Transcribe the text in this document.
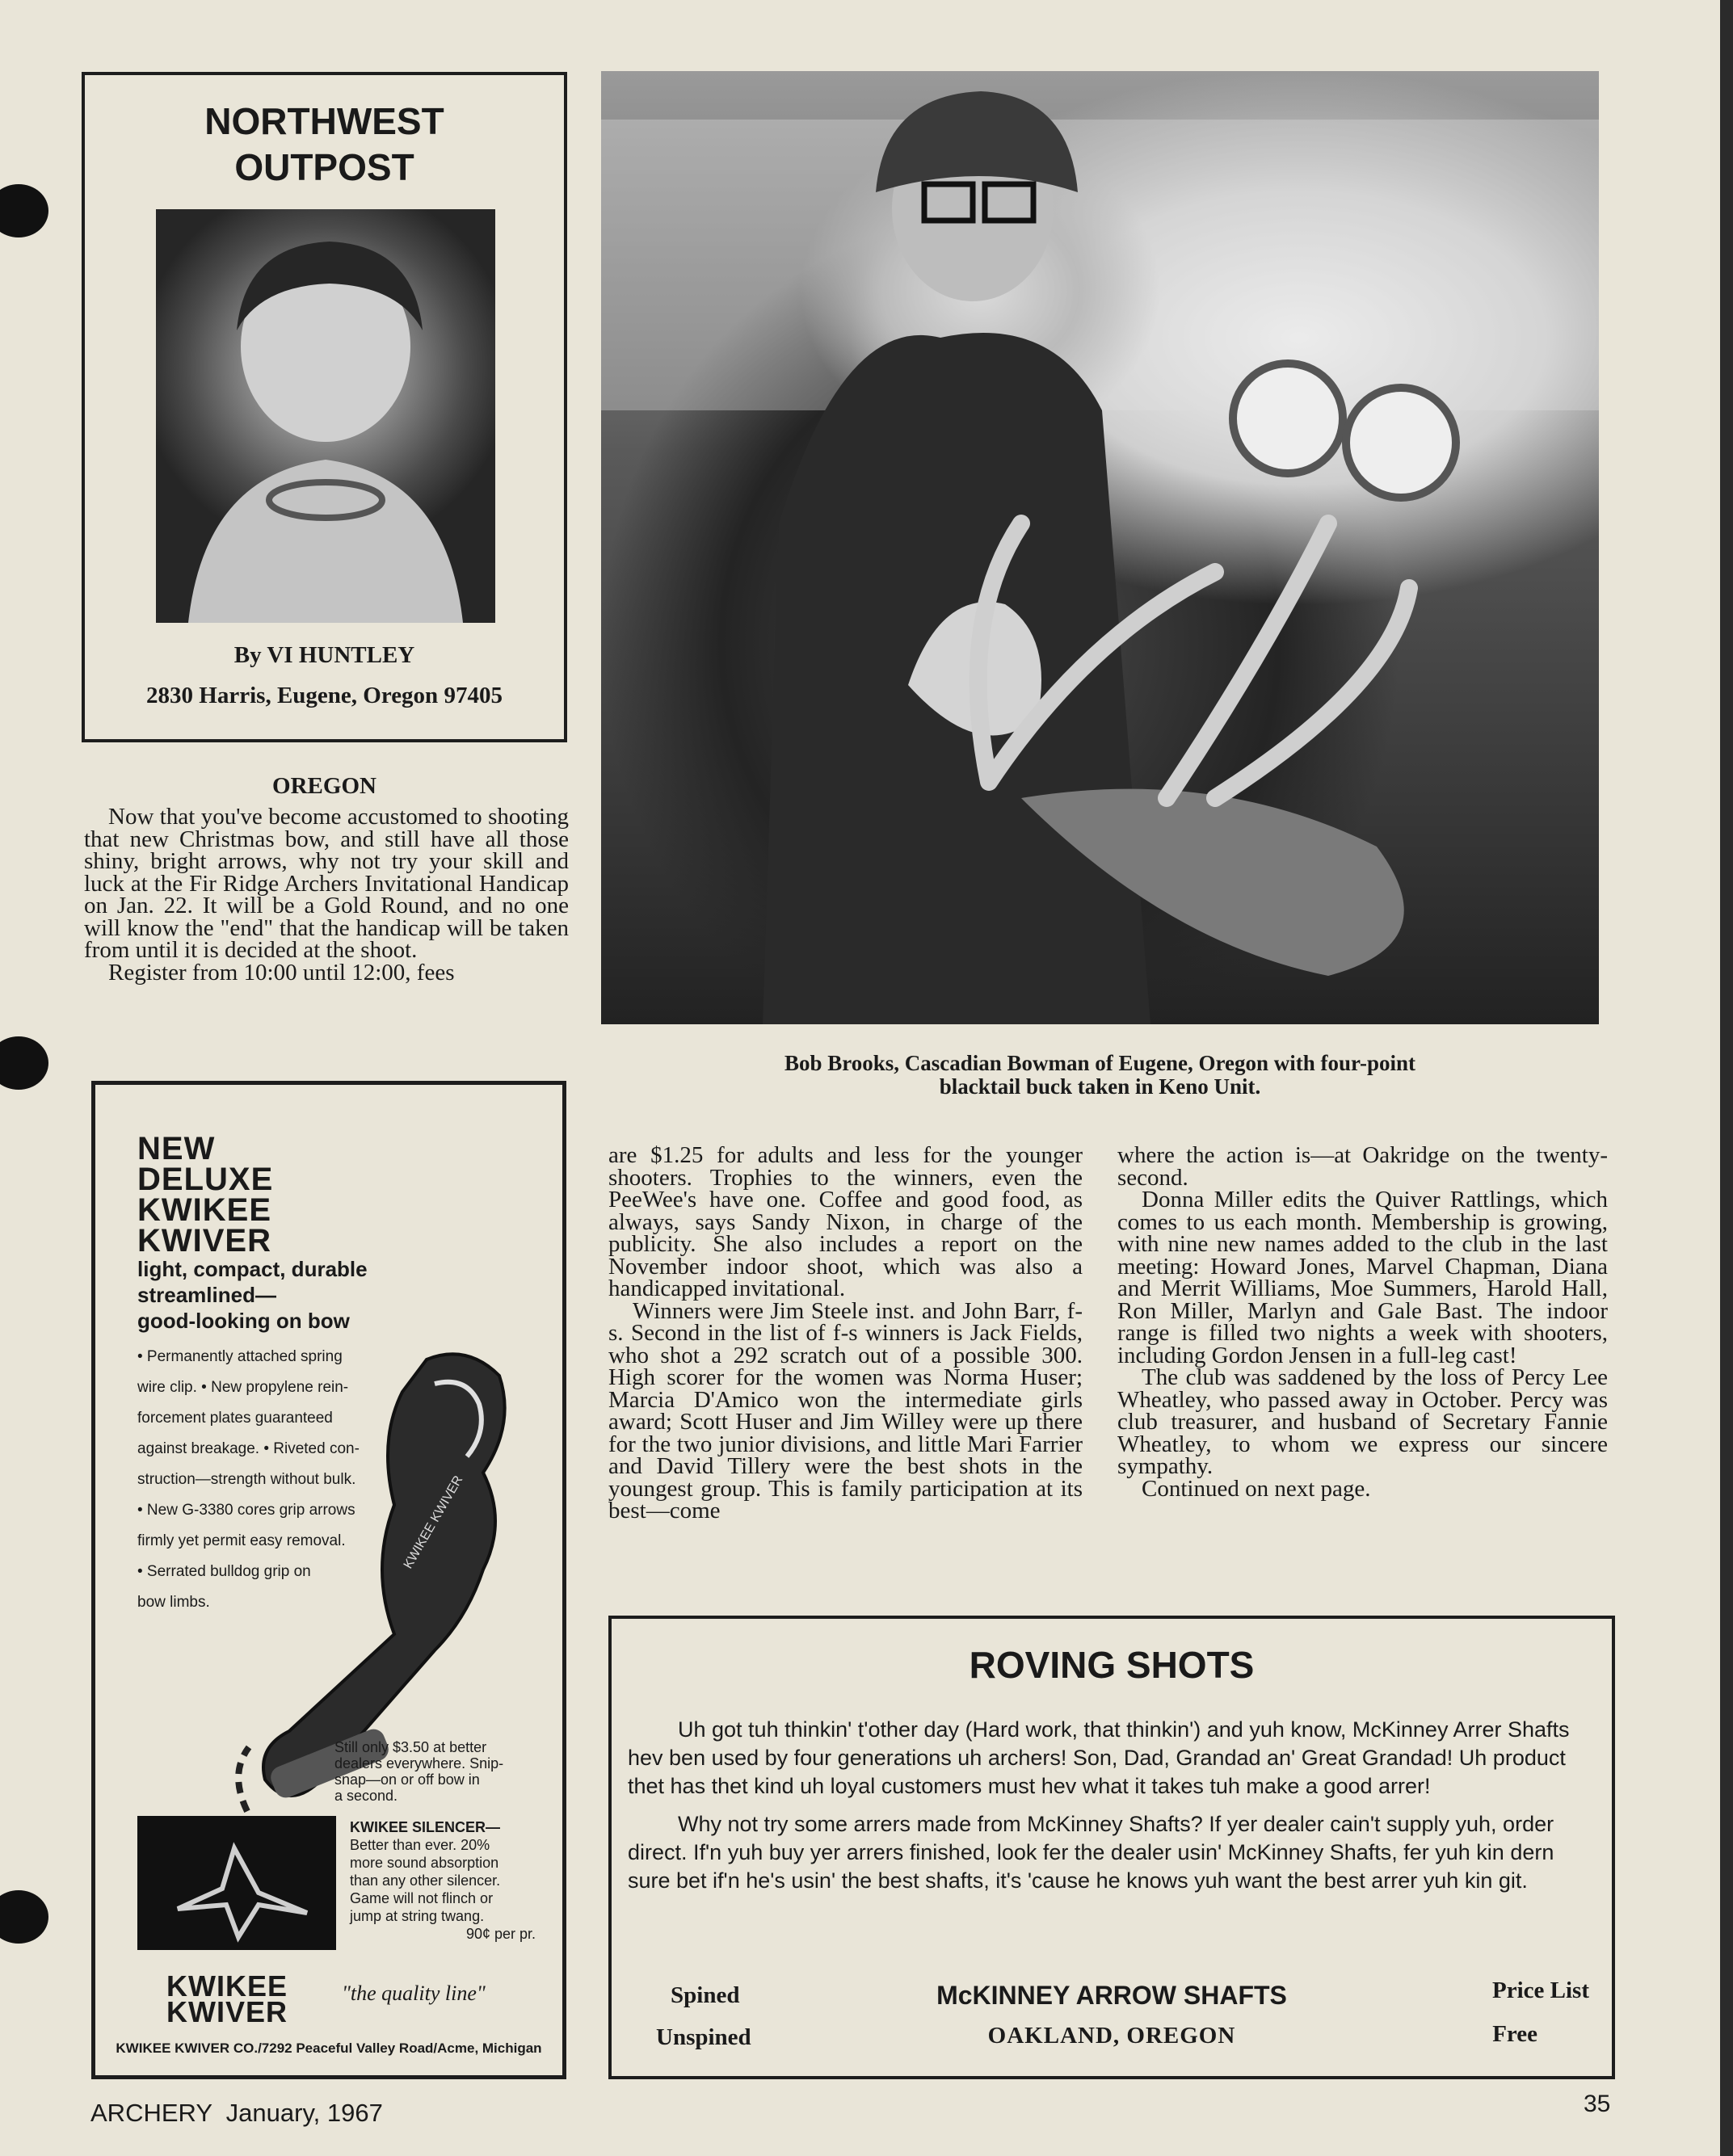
NORTHWEST
OUTPOST
By VI HUNTLEY
2830 Harris, Eugene, Oregon 97405
OREGON

Now that you've become accustomed to shooting that new Christmas bow, and still have all those shiny, bright arrows, why not try your skill and luck at the Fir Ridge Archers Invitational Handicap on Jan. 22. It will be a Gold Round, and no one will know the "end" that the handicap will be taken from until it is decided at the shoot.

Register from 10:00 until 12:00, fees

Bob Brooks, Cascadian Bowman of Eugene, Oregon with four-point
blacktail buck taken in Keno Unit.
NEW
DELUXE
KWIKEE
KWIVER
light, compact, durable
streamlined—
good-looking on bow
• Permanently attached spring
wire clip. • New propylene rein-
forcement plates guaranteed
against breakage. • Riveted con-
struction—strength without bulk.
• New G-3380 cores grip arrows
firmly yet permit easy removal.
• Serrated bulldog grip on
bow limbs.
KWIKEE KWIVER
Still only $3.50 at better
dealers everywhere. Snip-
snap—on or off bow in
a second.
KWIKEE SILENCER—
Better than ever. 20%
more sound absorption
than any other silencer.
Game will not flinch or
jump at string twang.
90¢ per pr.
KWIKEE
KWIVER
"the quality line"
KWIKEE KWIVER CO./7292 Peaceful Valley Road/Acme, Michigan

are $1.25 for adults and less for the younger shooters. Trophies to the winners, even the PeeWee's have one. Coffee and good food, as always, says Sandy Nixon, in charge of the publicity. She also includes a report on the November indoor shoot, which was also a handicapped invitational.

Winners were Jim Steele inst. and John Barr, f-s. Second in the list of f-s winners is Jack Fields, who shot a 292 scratch out of a possible 300. High scorer for the women was Norma Huser; Marcia D'Amico won the intermediate girls award; Scott Huser and Jim Willey were up there for the two junior divisions, and little Mari Farrier and David Tillery were the best shots in the youngest group. This is family participation at its best—come

where the action is—at Oakridge on the twenty-second.

Donna Miller edits the Quiver Rattlings, which comes to us each month. Membership is growing, with nine new names added to the club in the last meeting: Howard Jones, Marvel Chapman, Diana and Merrit Williams, Moe Summers, Harold Hall, Ron Miller, Marlyn and Gale Bast. The indoor range is filled two nights a week with shooters, including Gordon Jensen in a full-leg cast!

The club was saddened by the loss of Percy Lee Wheatley, who passed away in October. Percy was club treasurer, and husband of Secretary Fannie Wheatley, to whom we express our sincere sympathy.

Continued on next page.

ROVING SHOTS

Uh got tuh thinkin' t'other day (Hard work, that thinkin') and yuh know, McKinney Arrer Shafts hev ben used by four generations uh archers! Son, Dad, Grandad an' Great Grandad! Uh product thet has thet kind uh loyal customers must hev what it takes tuh make a good arrer!

Why not try some arrers made from McKinney Shafts? If yer dealer cain't supply yuh, order direct. If'n yuh buy yer arrers finished, look fer the dealer usin' McKinney Shafts, fer yuh kin dern sure bet if'n he's usin' the best shafts, it's 'cause he knows yuh want the best arrer yuh kin git.

Spined
Unspined
McKINNEY ARROW SHAFTS
OAKLAND, OREGON
Price List
Free
ARCHERY  January, 1967	35
